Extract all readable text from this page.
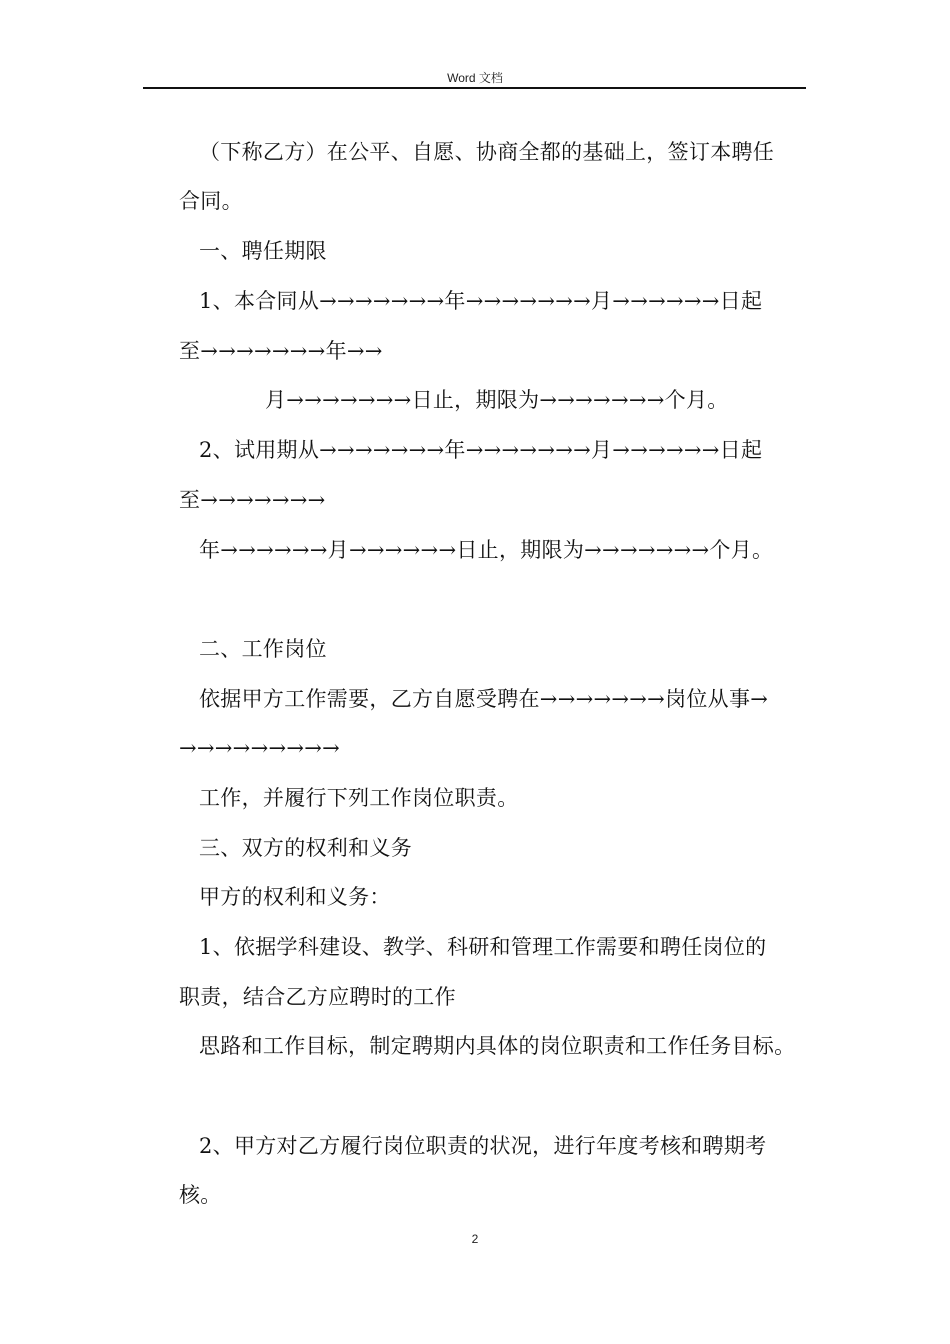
Word 文档
（下称乙方）在公平、自愿、协商全都的基础上，签订本聘任
合同。
一、聘任期限
1、本合同从→→→→→→→年→→→→→→→月→→→→→→日起
至→→→→→→→年→→
月→→→→→→→日止，期限为→→→→→→→个月。
2、试用期从→→→→→→→年→→→→→→→月→→→→→→日起
至→→→→→→→
年→→→→→→月→→→→→→日止，期限为→→→→→→→个月。
二、工作岗位
依据甲方工作需要，乙方自愿受聘在→→→→→→→岗位从事→
→→→→→→→→→
工作，并履行下列工作岗位职责。
三、双方的权利和义务
甲方的权利和义务：
1、依据学科建设、教学、科研和管理工作需要和聘任岗位的
职责，结合乙方应聘时的工作
思路和工作目标，制定聘期内具体的岗位职责和工作任务目标。
2、甲方对乙方履行岗位职责的状况，进行年度考核和聘期考
核。
2
